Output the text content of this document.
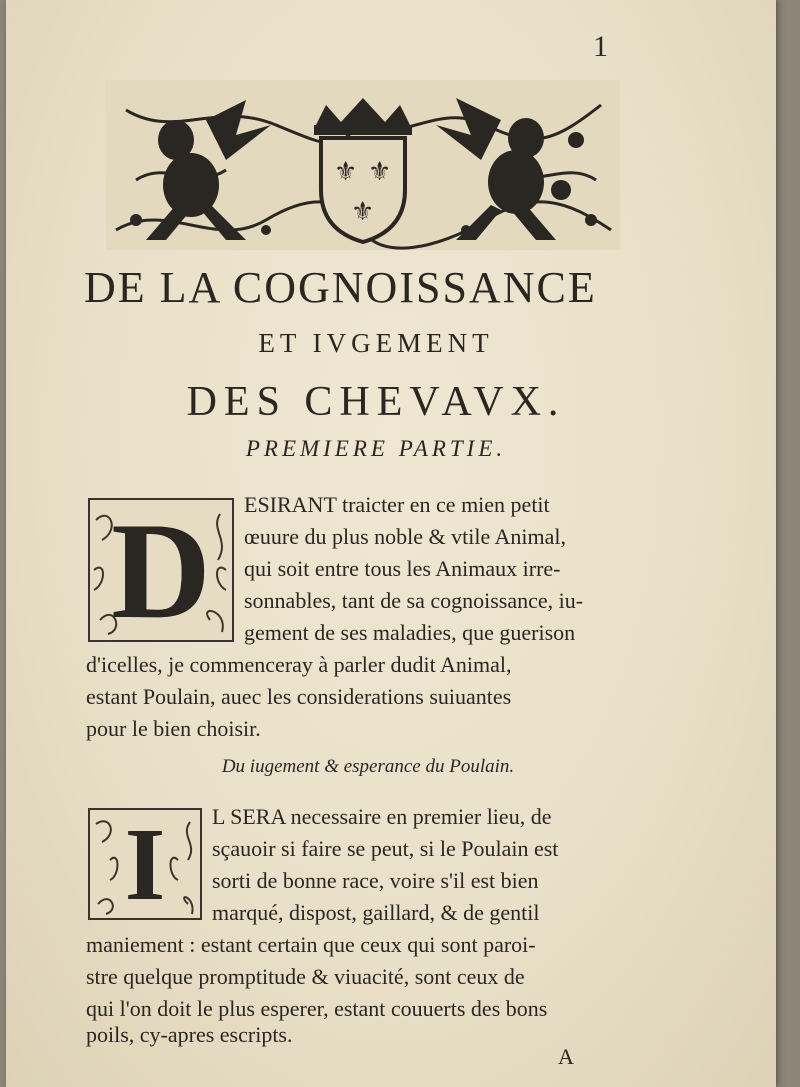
1
⚜ ⚜
⚜
DE LA COGNOISSANCE
ET IVGEMENT
DES CHEVAVX.
PREMIERE PARTIE.
D	ESIRANT traicter en ce mien petit
œuure du plus noble & vtile Animal,
qui soit entre tous les Animaux irre-
sonnables, tant de sa cognoissance, iu-
gement de ses maladies, que guerison
d'icelles, je commenceray à parler dudit Animal,
estant Poulain, auec les considerations suiuantes
pour le bien choisir.
Du iugement & esperance du Poulain.
I	L SERA necessaire en premier lieu, de
sçauoir si faire se peut, si le Poulain est
sorti de bonne race, voire s'il est bien
marqué, dispost, gaillard, & de gentil
maniement : estant certain que ceux qui sont paroi-
stre quelque promptitude & viuacité, sont ceux de
qui l'on doit le plus esperer, estant couuerts des bons
poils, cy-apres escripts.
A
